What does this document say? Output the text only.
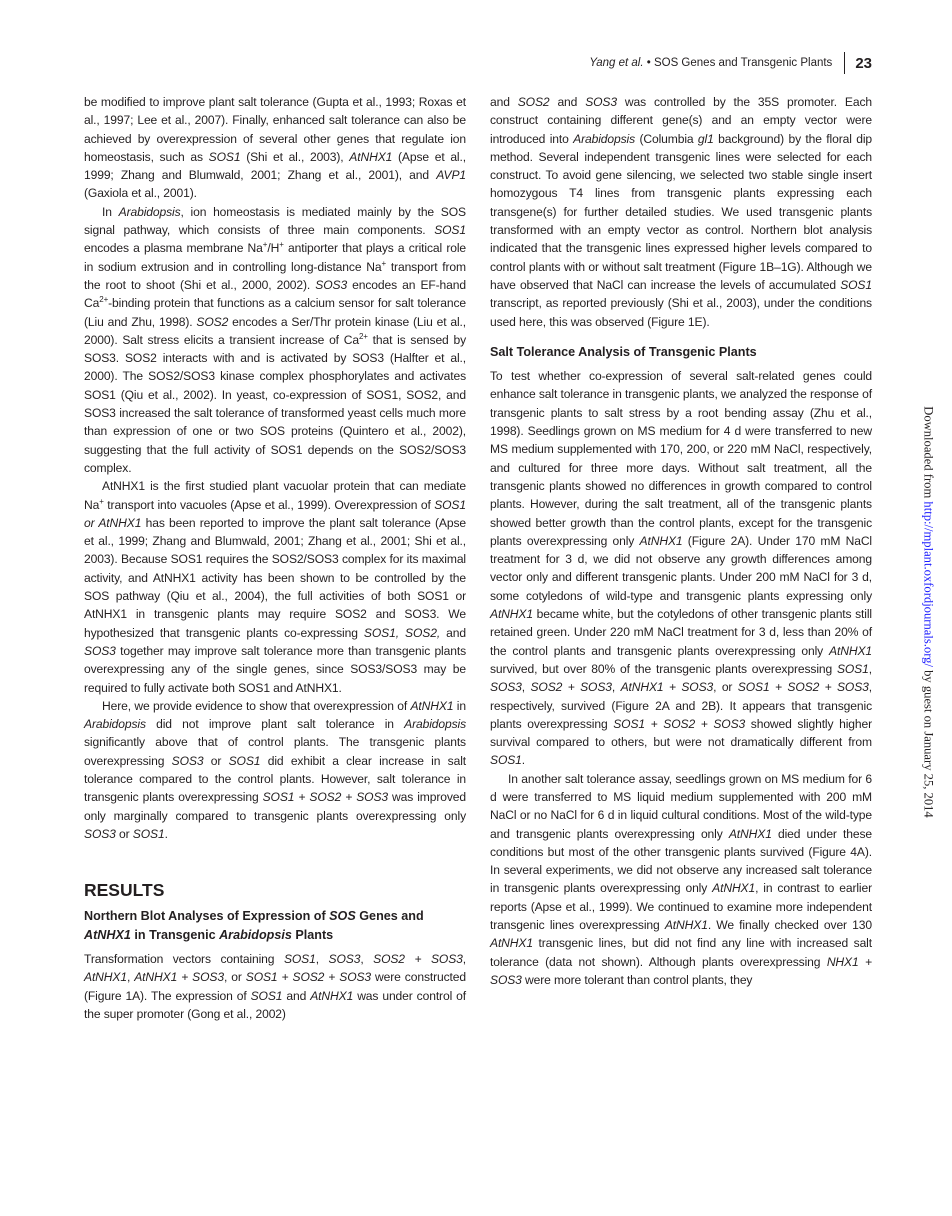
Yang et al. • SOS Genes and Transgenic Plants 23

be modified to improve plant salt tolerance (Gupta et al., 1993; Roxas et al., 1997; Lee et al., 2007). Finally, enhanced salt tolerance can also be achieved by overexpression of several other genes that regulate ion homeostasis, such as SOS1 (Shi et al., 2003), AtNHX1 (Apse et al., 1999; Zhang and Blumwald, 2001; Zhang et al., 2001), and AVP1 (Gaxiola et al., 2001).

In Arabidopsis, ion homeostasis is mediated mainly by the SOS signal pathway, which consists of three main components. SOS1 encodes a plasma membrane Na+/H+ antiporter that plays a critical role in sodium extrusion and in controlling long-distance Na+ transport from the root to shoot (Shi et al., 2000, 2002). SOS3 encodes an EF-hand $Ca^{2+}$-binding protein that functions as a calcium sensor for salt tolerance (Liu and Zhu, 1998). SOS2 encodes a Ser/Thr protein kinase (Liu et al., 2000). Salt stress elicits a transient increase of $Ca^{2+}$ that is sensed by SOS3. SOS2 interacts with and is activated by SOS3 (Halfter et al., 2000). The SOS2/SOS3 kinase complex phosphorylates and activates SOS1 (Qiu et al., 2002). In yeast, co-expression of SOS1, SOS2, and SOS3 increased the salt tolerance of transformed yeast cells much more than expression of one or two SOS proteins (Quintero et al., 2002), suggesting that the full activity of SOS1 depends on the SOS2/SOS3 complex.

AtNHX1 is the first studied plant vacuolar protein that can mediate Na+ transport into vacuoles (Apse et al., 1999). Overexpression of SOS1 or AtNHX1 has been reported to improve the plant salt tolerance (Apse et al., 1999; Zhang and Blumwald, 2001; Zhang et al., 2001; Shi et al., 2003). Because SOS1 requires the SOS2/SOS3 complex for its maximal activity, and AtNHX1 activity has been shown to be controlled by the SOS pathway (Qiu et al., 2004), the full activities of both SOS1 or AtNHX1 in transgenic plants may require SOS2 and SOS3. We hypothesized that transgenic plants co-expressing SOS1, SOS2, and SOS3 together may improve salt tolerance more than transgenic plants overexpressing any of the single genes, since SOS3/SOS3 may be required to fully activate both SOS1 and AtNHX1.

Here, we provide evidence to show that overexpression of AtNHX1 in Arabidopsis did not improve plant salt tolerance in Arabidopsis significantly above that of control plants. The transgenic plants overexpressing SOS3 or SOS1 did exhibit a clear increase in salt tolerance compared to the control plants. However, salt tolerance in transgenic plants overexpressing SOS1 + SOS2 + SOS3 was improved only marginally compared to transgenic plants overexpressing only SOS3 or SOS1.

RESULTS
Northern Blot Analyses of Expression of SOS Genes and AtNHX1 in Transgenic Arabidopsis Plants

Transformation vectors containing SOS1, SOS3, SOS2 + SOS3, AtNHX1, AtNHX1 + SOS3, or SOS1 + SOS2 + SOS3 were constructed (Figure 1A). The expression of SOS1 and AtNHX1 was under control of the super promoter (Gong et al., 2002)

and SOS2 and SOS3 was controlled by the 35S promoter. Each construct containing different gene(s) and an empty vector were introduced into Arabidopsis (Columbia gl1 background) by the floral dip method. Several independent transgenic lines were selected for each construct. To avoid gene silencing, we selected two stable single insert homozygous T4 lines from transgenic plants expressing each transgene(s) for further detailed studies. We used transgenic plants transformed with an empty vector as control. Northern blot analysis indicated that the transgenic lines expressed higher levels compared to control plants with or without salt treatment (Figure 1B–1G). Although we have observed that NaCl can increase the levels of accumulated SOS1 transcript, as reported previously (Shi et al., 2003), under the conditions used here, this was observed (Figure 1E).

Salt Tolerance Analysis of Transgenic Plants

To test whether co-expression of several salt-related genes could enhance salt tolerance in transgenic plants, we analyzed the response of transgenic plants to salt stress by a root bending assay (Zhu et al., 1998). Seedlings grown on MS medium for 4 d were transferred to new MS medium supplemented with 170, 200, or 220 mM NaCl, respectively, and cultured for three more days. Without salt treatment, all the transgenic plants showed no differences in growth compared to control plants. However, during the salt treatment, all of the transgenic plants showed better growth than the control plants, except for the transgenic plants overexpressing only AtNHX1 (Figure 2A). Under 170 mM NaCl treatment for 3 d, we did not observe any growth differences among vector only and different transgenic plants. Under 200 mM NaCl for 3 d, some cotyledons of wild-type and transgenic plants expressing only AtNHX1 became white, but the cotyledons of other transgenic plants still retained green. Under 220 mM NaCl treatment for 3 d, less than 20% of the control plants and transgenic plants overexpressing only AtNHX1 survived, but over 80% of the transgenic plants overexpressing SOS1, SOS3, SOS2 + SOS3, AtNHX1 + SOS3, or SOS1 + SOS2 + SOS3, respectively, survived (Figure 2A and 2B). It appears that transgenic plants overexpressing SOS1 + SOS2 + SOS3 showed slightly higher survival compared to others, but were not dramatically different from SOS1.

In another salt tolerance assay, seedlings grown on MS medium for 6 d were transferred to MS liquid medium supplemented with 200 mM NaCl or no NaCl for 6 d in liquid cultural conditions. Most of the wild-type and transgenic plants overexpressing only AtNHX1 died under these conditions but most of the other transgenic plants survived (Figure 4A). In several experiments, we did not observe any increased salt tolerance in transgenic plants overexpressing only AtNHX1, in contrast to earlier reports (Apse et al., 1999). We continued to examine more independent transgenic lines overexpressing AtNHX1. We finally checked over 130 AtNHX1 transgenic lines, but did not find any line with increased salt tolerance (data not shown). Although plants overexpressing NHX1 + SOS3 were more tolerant than control plants, they

Downloaded from http://mplant.oxfordjournals.org/ by guest on January 25, 2014
